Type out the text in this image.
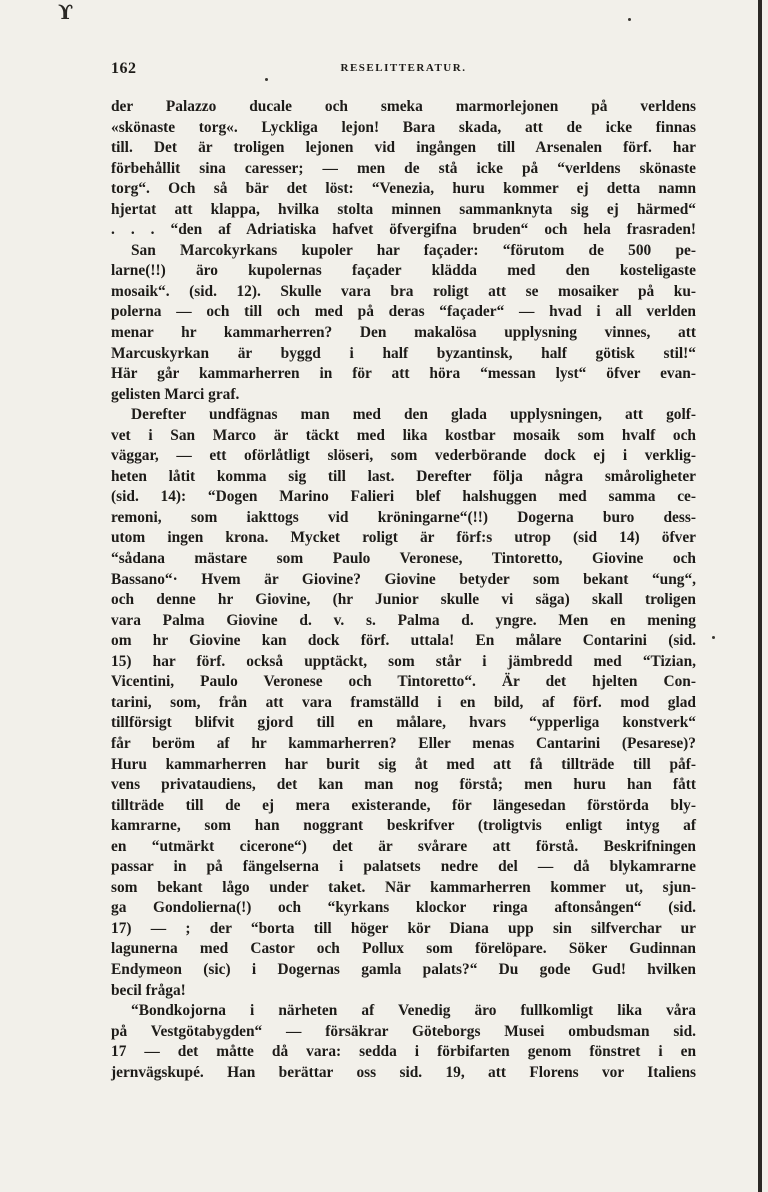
ϒ
162	RESELITTERATUR.
der Palazzo ducale och smeka marmorlejonen på verldens
«skönaste torg«. Lyckliga lejon! Bara skada, att de icke finnas
till. Det är troligen lejonen vid ingången till Arsenalen förf. har
förbehållit sina caresser; — men de stå icke på “verldens skönaste
torg“. Och så bär det löst: “Venezia, huru kommer ej detta namn
hjertat att klappa, hvilka stolta minnen sammanknyta sig ej härmed“
. . . “den af Adriatiska hafvet öfvergifna bruden“ och hela frasraden!
San Marcokyrkans kupoler har façader: “förutom de 500 pe-
larne(!!) äro kupolernas façader klädda med den kosteligaste
mosaik“. (sid. 12). Skulle vara bra roligt att se mosaiker på ku-
polerna — och till och med på deras “façader“ — hvad i all verlden
menar hr kammarherren? Den makalösa upplysning vinnes, att
Marcuskyrkan är byggd i half byzantinsk, half götisk stil!“
Här går kammarherren in för att höra “messan lyst“ öfver evan-
gelisten Marci graf.
Derefter undfägnas man med den glada upplysningen, att golf-
vet i San Marco är täckt med lika kostbar mosaik som hvalf och
väggar, — ett oförlåtligt slöseri, som vederbörande dock ej i verklig-
heten låtit komma sig till last. Derefter följa några småroligheter
(sid. 14): “Dogen Marino Falieri blef halshuggen med samma ce-
remoni, som iakttogs vid kröningarne“(!!) Dogerna buro dess-
utom ingen krona. Mycket roligt är förf:s utrop (sid 14) öfver
“sådana mästare som Paulo Veronese, Tintoretto, Giovine och
Bassano“· Hvem är Giovine? Giovine betyder som bekant “ung“,
och denne hr Giovine, (hr Junior skulle vi säga) skall troligen
vara Palma Giovine d. v. s. Palma d. yngre. Men en mening
om hr Giovine kan dock förf. uttala! En målare Contarini (sid.
15) har förf. också upptäckt, som står i jämbredd med “Tizian,
Vicentini, Paulo Veronese och Tintoretto“. Är det hjelten Con-
tarini, som, från att vara framställd i en bild, af förf. mod glad
tillförsigt blifvit gjord till en målare, hvars “ypperliga konstverk“
får beröm af hr kammarherren? Eller menas Cantarini (Pesarese)?
Huru kammarherren har burit sig åt med att få tillträde till påf-
vens privataudiens, det kan man nog förstå; men huru han fått
tillträde till de ej mera existerande, för längesedan förstörda bly-
kamrarne, som han noggrant beskrifver (troligtvis enligt intyg af
en “utmärkt cicerone“) det är svårare att förstå. Beskrifningen
passar in på fängelserna i palatsets nedre del — då blykamrarne
som bekant lågo under taket. När kammarherren kommer ut, sjun-
ga Gondolierna(!) och “kyrkans klockor ringa aftonsången“ (sid.
17) — ; der “borta till höger kör Diana upp sin silfverchar ur
lagunerna med Castor och Pollux som förelöpare. Söker Gudinnan
Endymeon (sic) i Dogernas gamla palats?“ Du gode Gud! hvilken
becil fråga!
“Bondkojorna i närheten af Venedig äro fullkomligt lika våra
på Vestgötabygden“ — försäkrar Göteborgs Musei ombudsman sid.
17 — det måtte då vara: sedda i förbifarten genom fönstret i en
jernvägskupé. Han berättar oss sid. 19, att Florens vor Italiens
